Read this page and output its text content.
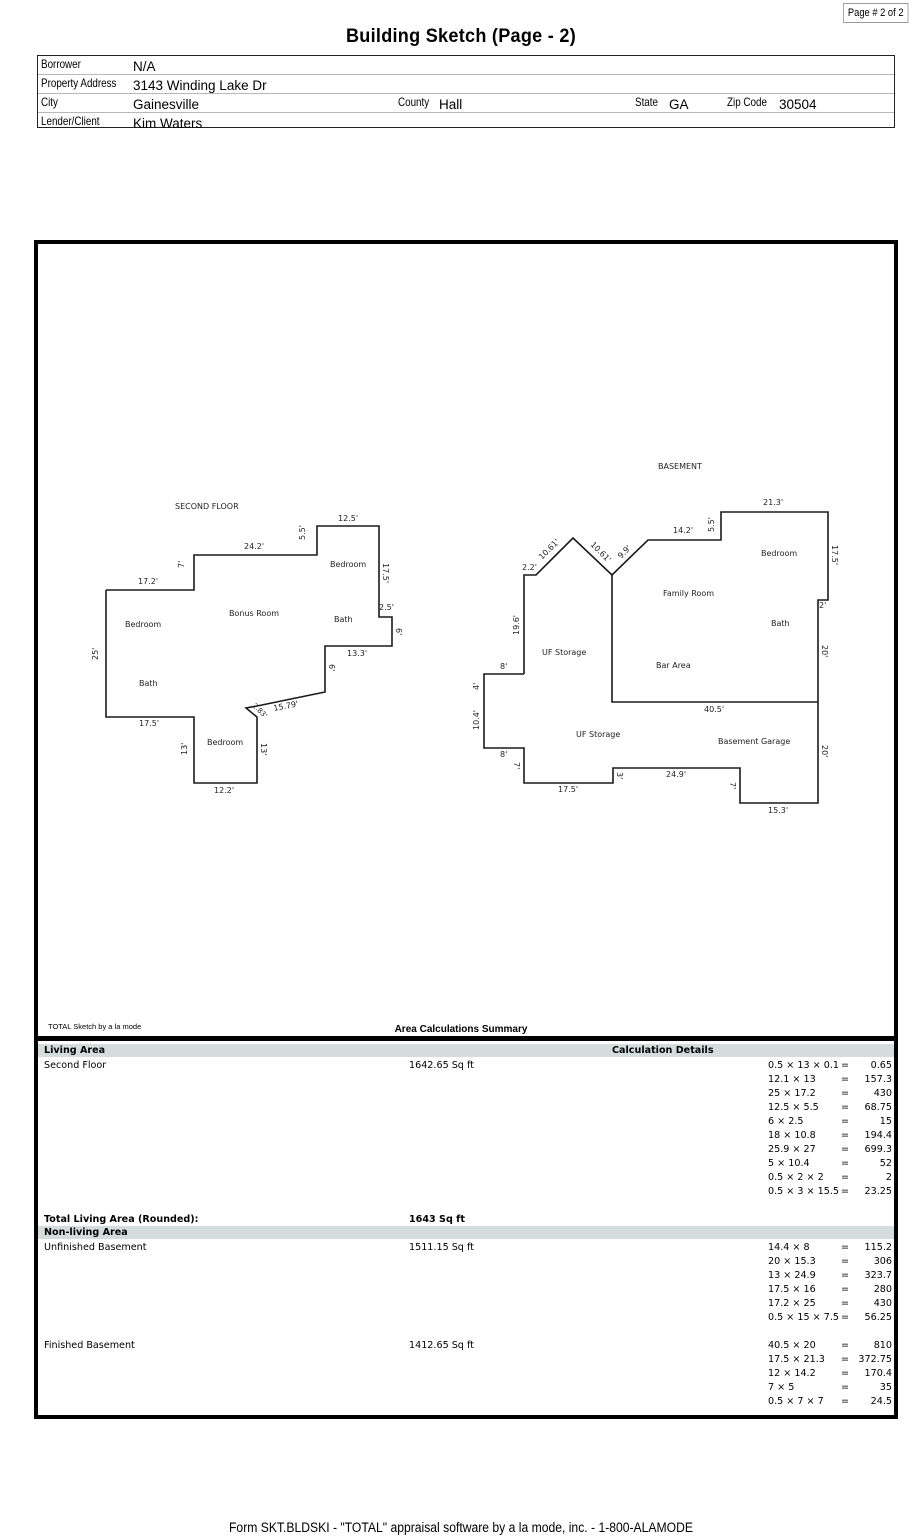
Page # 2 of 2
Building Sketch (Page - 2)
Borrower	N/A
Property Address 3143 Winding Lake Dr
City	Gainesville	County Hall	State GA	Zip Code 30504
Lender/Client Kim Waters
SECOND FLOOR
Bedroom
Bonus Room
Bedroom
Bath
Bath
Bedroom
12.5'
24.2'
5.5'
17.5'
7'
17.2'
2.5'
6'
13.3'
6'
15.79'
2.83'
13'	13'
12.2'
17.5'
25'
BASEMENT
Bedroom
Family Room
Bath
UF Storage
Bar Area
UF Storage
Basement Garage
21.3'
14.2' 5.5'
17.5'
10.61'	10.61' 9.9'
2.2'
2'
19.6'
20'
8'
4'
10.4'
40.5'
8'	20'
7'
3'	24.9'
7'
17.5'
15.3'
TOTAL Sketch by a la mode	Area Calculations Summary
Living Area	Calculation Details
Second Floor	1642.65 Sq ft	0.5 × 13 × 0.1 = 0.65
12.1 × 13	= 157.3
25 × 17.2	=	430
12.5 × 5.5 = 68.75
6 × 2.5	=	15
18 × 10.8	= 194.4
25.9 × 27	= 699.3
5 × 10.4	=	52
0.5 × 2 × 2 =	2
0.5 × 3 × 15.5 = 23.25
Total Living Area (Rounded):	1643 Sq ft
Non-living Area
Unfinished Basement	1511.15 Sq ft	14.4 × 8	= 115.2
20 × 15.3	=	306
13 × 24.9	= 323.7
17.5 × 16	=	280
17.2 × 25	=	430
0.5 × 15 × 7.5 = 56.25
Finished Basement	1412.65 Sq ft	40.5 × 20	=	810
17.5 × 21.3 = 372.75
12 × 14.2	= 170.4
7 × 5	=	35
0.5 × 7 × 7 = 24.5
Form SKT.BLDSKI - "TOTAL" appraisal software by a la mode, inc. - 1-800-ALAMODE
